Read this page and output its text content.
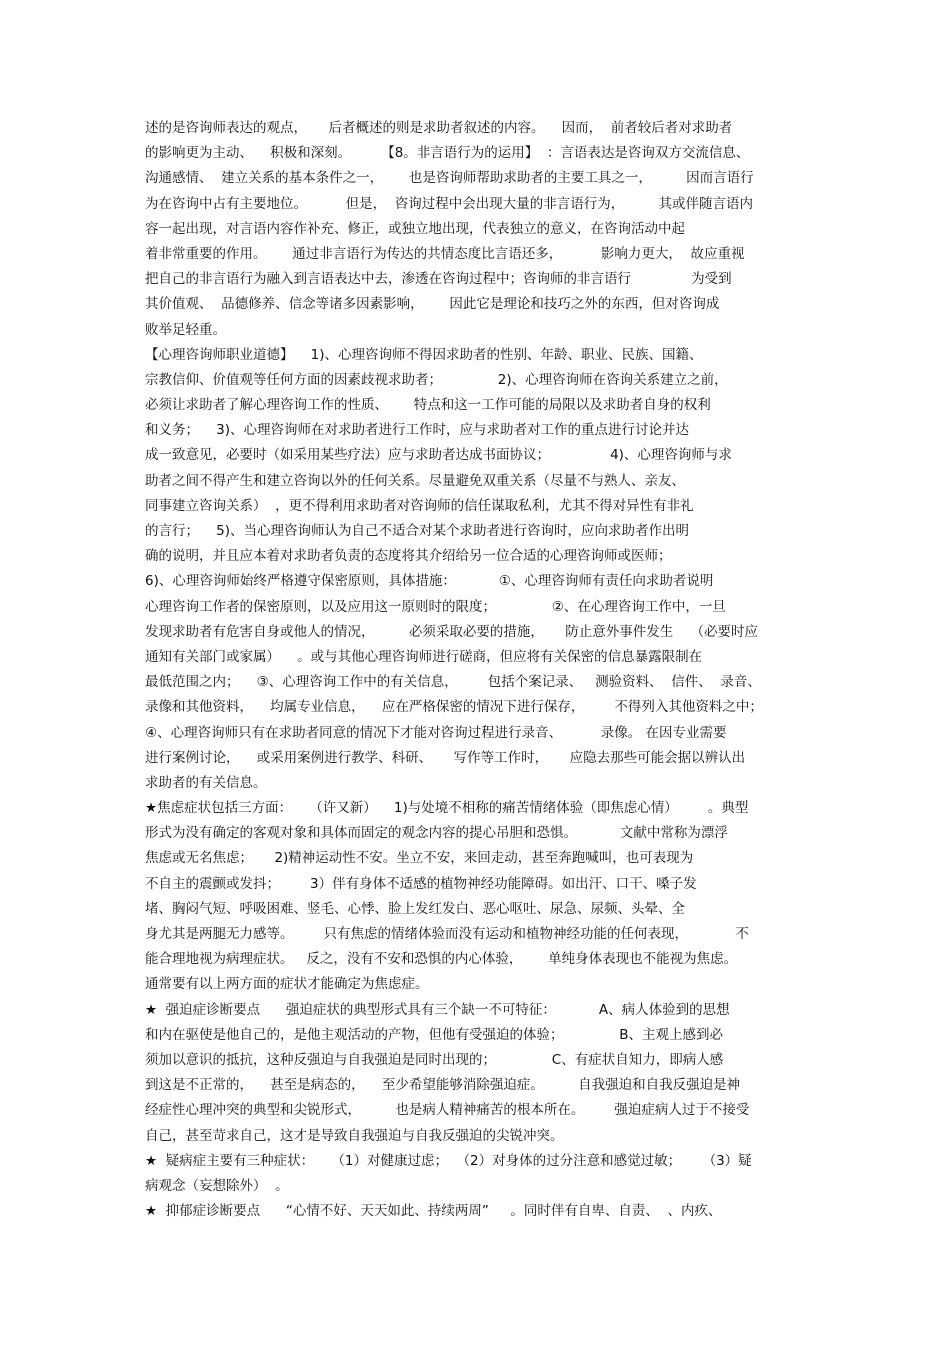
述的是咨询师表达的观点，     后者概述的则是求助者叙述的内容。    因而，  前者较后者对求助者
的影响更为主动、    积极和深刻。       【8。非言语行为的运用】  ：言语表达是咨询双方交流信息、
沟通感情、  建立关系的基本条件之一，      也是咨询师帮助求助者的主要工具之一，        因而言语行
为在咨询中占有主要地位。         但是，  咨询过程中会出现大量的非言语行为，        其或伴随言语内
容一起出现，对言语内容作补充、修正，或独立地出现，代表独立的意义，在咨询活动中起
着非常重要的作用。      通过非言语行为传达的共情态度比言语还多，         影响力更大，  故应重视
把自己的非言语行为融入到言语表达中去，渗透在咨询过程中；咨询师的非言语行              为受到
其价值观、  品德修养、信念等诸多因素影响，      因此它是理论和技巧之外的东西，但对咨询成
败举足轻重。
【心理咨询师职业道德】    1)、心理咨询师不得因求助者的性别、年龄、职业、民族、国籍、
宗教信仰、价值观等任何方面的因素歧视求助者；             2)、心理咨询师在咨询关系建立之前，
必须让求助者了解心理咨询工作的性质、      特点和这一工作可能的局限以及求助者自身的权利
和义务；    3)、心理咨询师在对求助者进行工作时，应与求助者对工作的重点进行讨论并达
成一致意见，必要时（如采用某些疗法）应与求助者达成书面协议；              4)、心理咨询师与求
助者之间不得产生和建立咨询以外的任何关系。尽量避免双重关系（尽量不与熟人、亲友、
同事建立咨询关系）  ，更不得利用求助者对咨询师的信任谋取私利，尤其不得对异性有非礼
的言行；    5)、当心理咨询师认为自己不适合对某个求助者进行咨询时，应向求助者作出明
确的说明，并且应本着对求助者负责的态度将其介绍给另一位合适的心理咨询师或医师；
6)、心理咨询师始终严格遵守保密原则，具体措施：          ①、心理咨询师有责任向求助者说明
心理咨询工作者的保密原则，以及应用这一原则时的限度；             ②、在心理咨询工作中，一旦
发现求助者有危害自身或他人的情况，        必须采取必要的措施，     防止意外事件发生    （必要时应
通知有关部门或家属）    。或与其他心理咨询师进行磋商，但应将有关保密的信息暴露限制在
最低范围之内；    ③、心理咨询工作中的有关信息，       包括个案记录、   测验资料、  信件、  录音、
录像和其他资料，    均属专业信息，    应在严格保密的情况下进行保存，       不得列入其他资料之中；
④、心理咨询师只有在求助者同意的情况下才能对咨询过程进行录音、         录像。 在因专业需要
进行案例讨论，    或采用案例进行教学、科研、     写作等工作时，     应隐去那些可能会据以辨认出
求助者的有关信息。
★焦虑症状包括三方面：    （许又新）    1)与处境不相称的痛苦情绪体验（即焦虑心情）       。典型
形式为没有确定的客观对象和具体而固定的观念内容的提心吊胆和恐惧。          文献中常称为漂浮
焦虑或无名焦虑；     2)精神运动性不安。坐立不安，来回走动，甚至奔跑喊叫，也可表现为
不自主的震颤或发抖；       3）伴有身体不适感的植物神经功能障碍。如出汗、口干、嗓子发
堵、胸闷气短、呼吸困难、竖毛、心悸、脸上发红发白、恶心呕吐、尿急、尿频、头晕、全
身尤其是两腿无力感等。       只有焦虑的情绪体验而没有运动和植物神经功能的任何表现，           不
能合理地视为病理症状。   反之，没有不安和恐惧的内心体验，      单纯身体表现也不能视为焦虑。
通常要有以上两方面的症状才能确定为焦虑症。
★  强迫症诊断要点      强迫症状的典型形式具有三个缺一不可特征：          A、病人体验到的思想
和内在驱使是他自己的，是他主观活动的产物，但他有受强迫的体验；             B、主观上感到必
须加以意识的抵抗，这种反强迫与自我强迫是同时出现的；             C、有症状自知力，即病人感
到这是不正常的，    甚至是病态的，    至少希望能够消除强迫症。        自我强迫和自我反强迫是神
经症性心理冲突的典型和尖锐形式，        也是病人精神痛苦的根本所在。       强迫症病人过于不接受
自己，甚至苛求自己，这才是导致自我强迫与自我反强迫的尖锐冲突。
★  疑病症主要有三种症状：    （1）对健康过虑；  （2）对身体的过分注意和感觉过敏；     （3）疑
病观念（妄想除外）  。
★  抑郁症诊断要点      “心情不好、天天如此、持续两周”     。同时伴有自卑、自责、  、内疚、
